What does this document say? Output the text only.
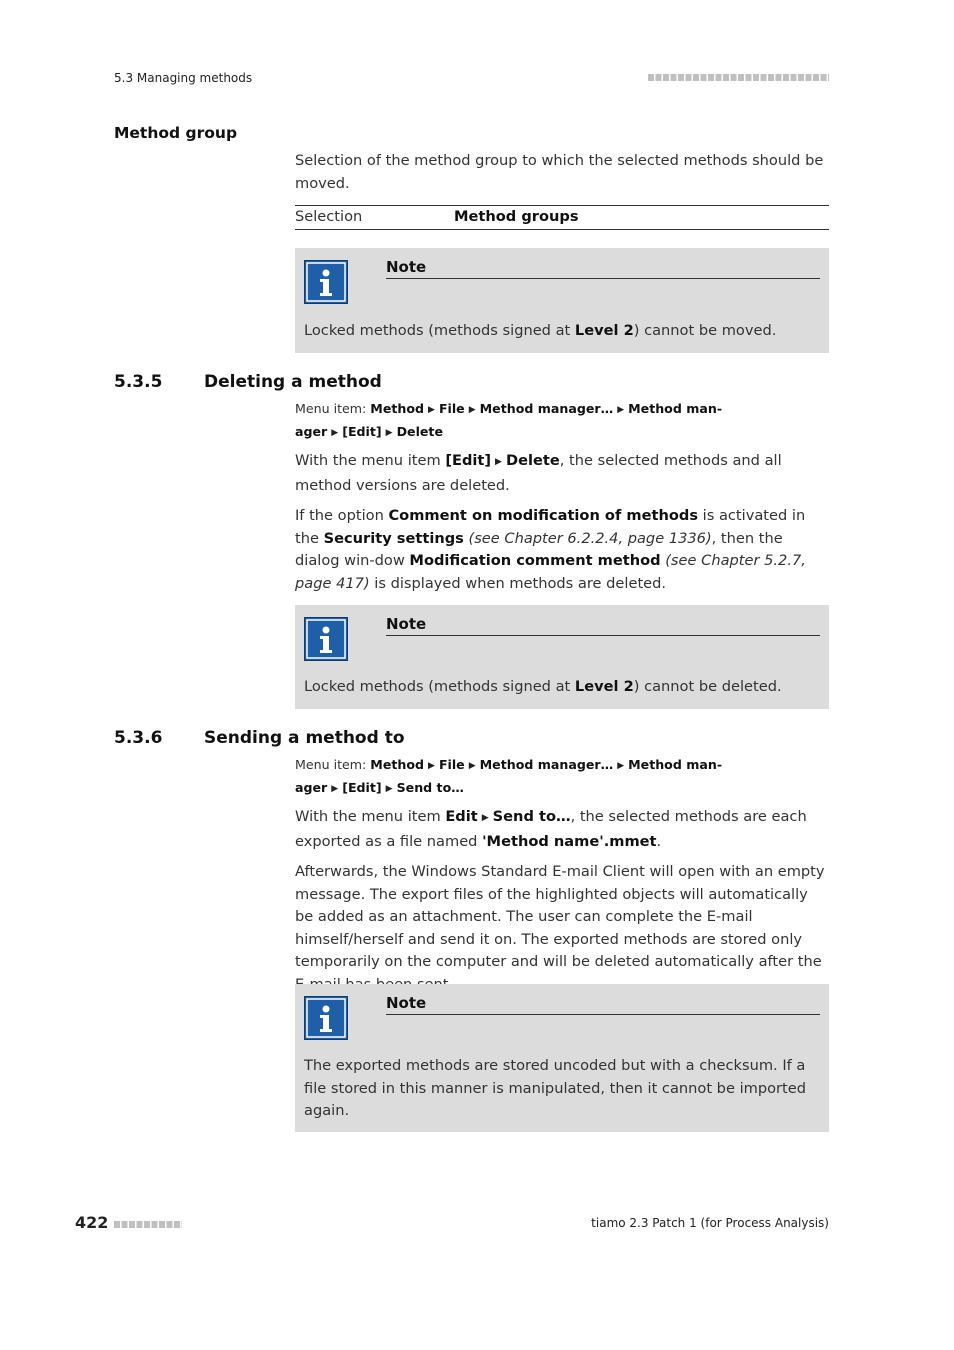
5.3 Managing methods
Method group
Selection of the method group to which the selected methods should be moved.
Selection	Method groups
Note
Locked methods (methods signed at Level 2) cannot be moved.
5.3.5 Deleting a method
Menu item: Method ▶ File ▶ Method manager… ▶ Method man-
ager ▶ [Edit] ▶ Delete
With the menu item [Edit] ▶ Delete, the selected methods and all method versions are deleted.
If the option Comment on modification of methods is activated in the Security settings (see Chapter 6.2.2.4, page 1336), then the dialog win-dow Modification comment method (see Chapter 5.2.7, page 417) is displayed when methods are deleted.
Note
Locked methods (methods signed at Level 2) cannot be deleted.
5.3.6 Sending a method to
Menu item: Method ▶ File ▶ Method manager… ▶ Method man-
ager ▶ [Edit] ▶ Send to…
With the menu item Edit ▶ Send to…, the selected methods are each exported as a file named 'Method name'.mmet.
Afterwards, the Windows Standard E-mail Client will open with an empty message. The export files of the highlighted objects will automatically be added as an attachment. The user can complete the E-mail himself/herself and send it on. The exported methods are stored only temporarily on the computer and will be deleted automatically after the
Note
The exported methods are stored uncoded but with a checksum. If a file stored in this manner is manipulated, then it cannot be imported again.
422	tiamo 2.3 Patch 1 (for Process Analysis)
